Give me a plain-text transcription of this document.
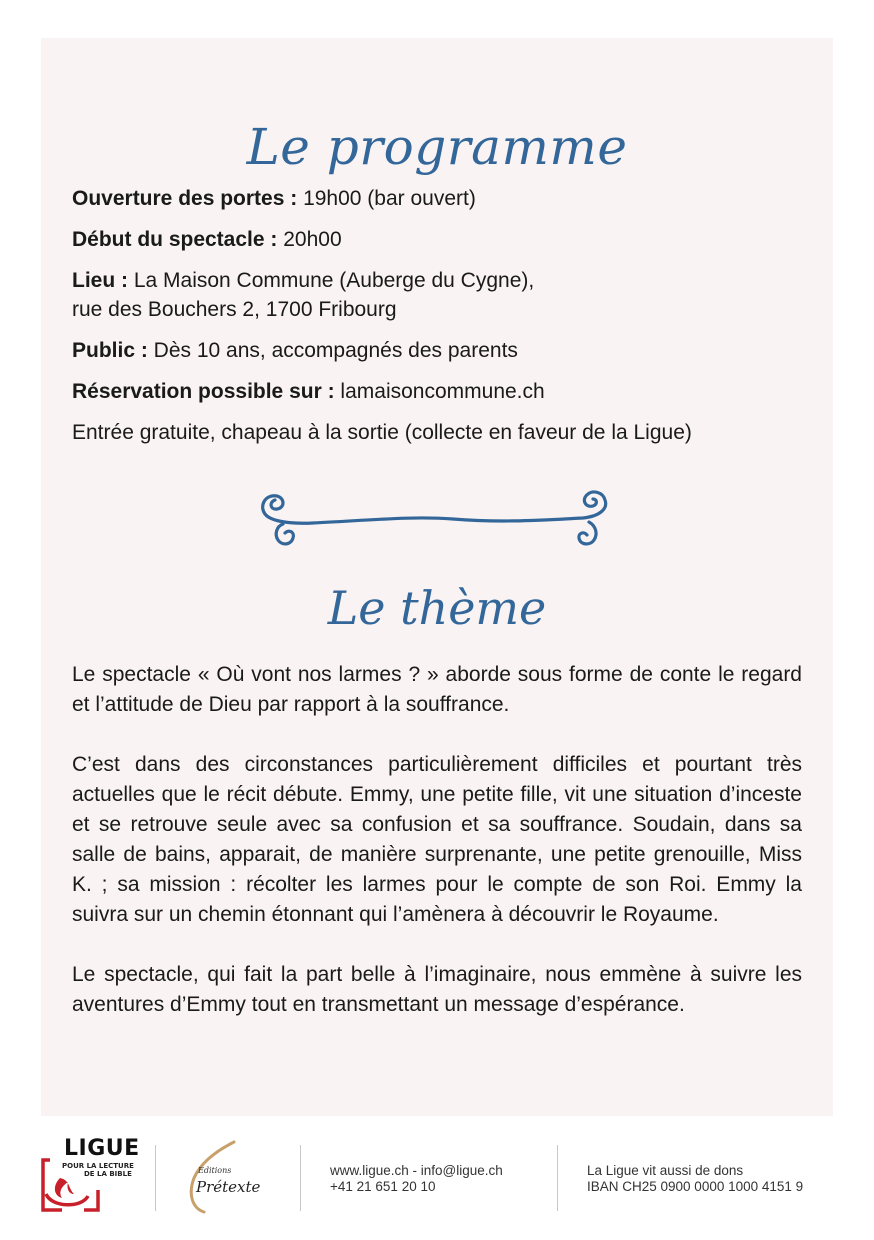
Le programme

Ouverture des portes : 19h00 (bar ouvert)

Début du spectacle : 20h00

Lieu : La Maison Commune (Auberge du Cygne),
rue des Bouchers 2, 1700 Fribourg

Public : Dès 10 ans, accompagnés des parents

Réservation possible sur : lamaisoncommune.ch

Entrée gratuite, chapeau à la sortie (collecte en faveur de la Ligue)

Le thème

Le spectacle « Où vont nos larmes ? » aborde sous forme de conte le regard et l’attitude de Dieu par rapport à la souffrance.

C’est dans des circonstances particulièrement difficiles et pourtant très actuelles que le récit débute. Emmy, une petite fille, vit une situation d’inceste et se retrouve seule avec sa confusion et sa souffrance. Soudain, dans sa salle de bains, apparait, de manière surprenante, une petite grenouille, Miss K. ; sa mission : récolter les larmes pour le compte de son Roi. Emmy la suivra sur un chemin étonnant qui l’amènera à découvrir le Royaume.

Le spectacle, qui fait la part belle à l’imaginaire, nous emmène à suivre les aventures d’Emmy tout en transmettant un message d’espérance.

LIGUE
POUR LA LECTURE
DE LA BIBLE	Editions
Prétexte
www.ligue.ch - info@ligue.ch
+41 21 651 20 10
La Ligue vit aussi de dons
IBAN CH25 0900 0000 1000 4151 9
